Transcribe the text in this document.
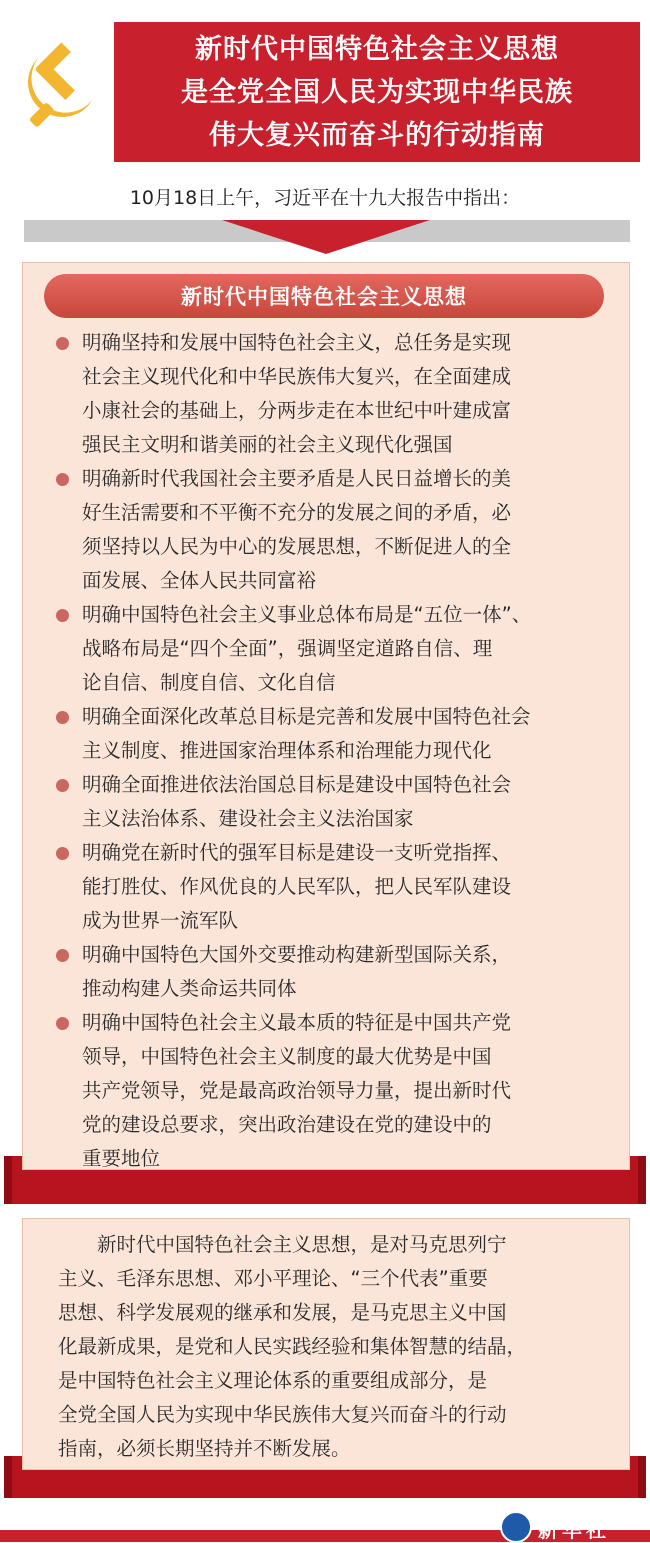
新时代中国特色社会主义思想
是全党全国人民为实现中华民族
伟大复兴而奋斗的行动指南
10月18日上午，习近平在十九大报告中指出：
新时代中国特色社会主义思想
明确坚持和发展中国特色社会主义，总任务是实现
社会主义现代化和中华民族伟大复兴，在全面建成
小康社会的基础上，分两步走在本世纪中叶建成富
强民主文明和谐美丽的社会主义现代化强国
明确新时代我国社会主要矛盾是人民日益增长的美
好生活需要和不平衡不充分的发展之间的矛盾，必
须坚持以人民为中心的发展思想，不断促进人的全
面发展、全体人民共同富裕
明确中国特色社会主义事业总体布局是“五位一体”、
战略布局是“四个全面”，强调坚定道路自信、理
论自信、制度自信、文化自信
明确全面深化改革总目标是完善和发展中国特色社会
主义制度、推进国家治理体系和治理能力现代化
明确全面推进依法治国总目标是建设中国特色社会
主义法治体系、建设社会主义法治国家
明确党在新时代的强军目标是建设一支听党指挥、
能打胜仗、作风优良的人民军队，把人民军队建设
成为世界一流军队
明确中国特色大国外交要推动构建新型国际关系，
推动构建人类命运共同体
明确中国特色社会主义最本质的特征是中国共产党
领导，中国特色社会主义制度的最大优势是中国
共产党领导，党是最高政治领导力量，提出新时代
党的建设总要求，突出政治建设在党的建设中的
重要地位
　　新时代中国特色社会主义思想，是对马克思列宁
主义、毛泽东思想、邓小平理论、“三个代表”重要
思想、科学发展观的继承和发展，是马克思主义中国
化最新成果，是党和人民实践经验和集体智慧的结晶，
是中国特色社会主义理论体系的重要组成部分，是
全党全国人民为实现中华民族伟大复兴而奋斗的行动
指南，必须长期坚持并不断发展。
新华社
